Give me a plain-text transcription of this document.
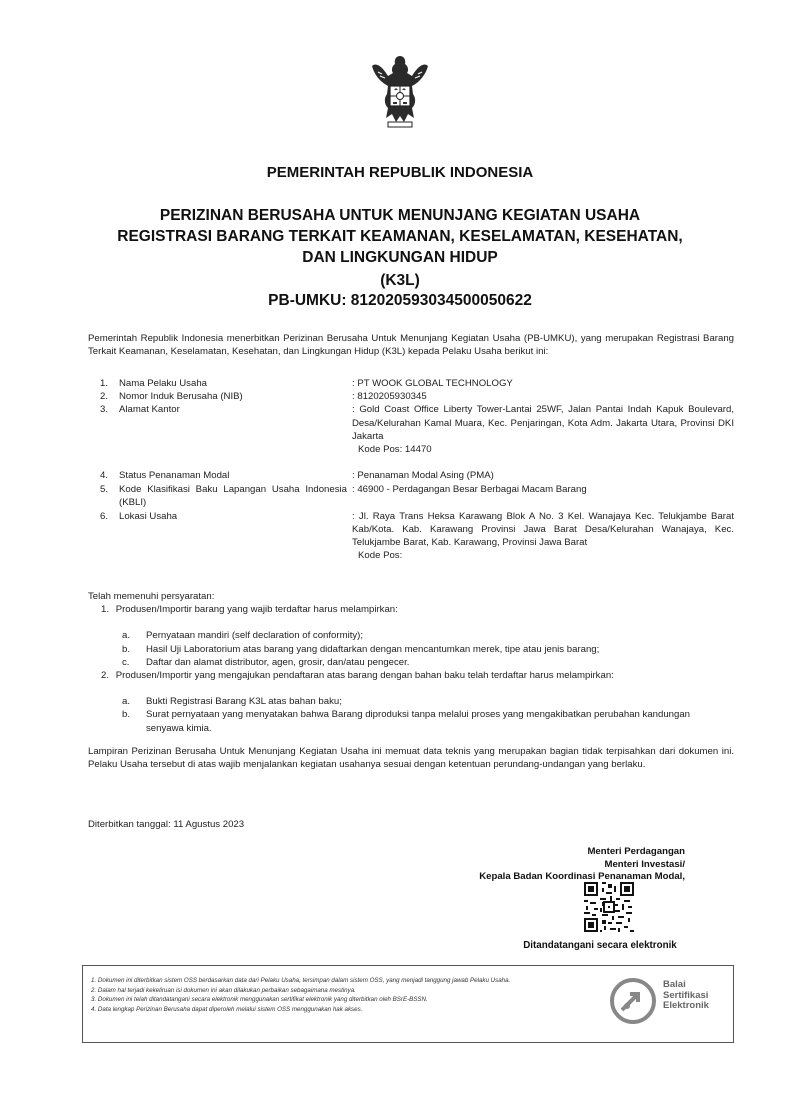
PEMERINTAH REPUBLIK INDONESIA
PERIZINAN BERUSAHA UNTUK MENUNJANG KEGIATAN USAHA
REGISTRASI BARANG TERKAIT KEAMANAN, KESELAMATAN, KESEHATAN,
DAN LINGKUNGAN HIDUP
(K3L)
PB-UMKU: 812020593034500050622
Pemerintah Republik Indonesia menerbitkan Perizinan Berusaha Untuk Menunjang Kegiatan Usaha (PB-UMKU), yang merupakan Registrasi Barang Terkait Keamanan, Keselamatan, Kesehatan, dan Lingkungan Hidup (K3L) kepada Pelaku Usaha berikut ini:
1.	Nama Pelaku Usaha	: PT WOOK GLOBAL TECHNOLOGY
2.	Nomor Induk Berusaha (NIB)	: 8120205930345
3.	Alamat Kantor	: Gold Coast Office Liberty Tower-Lantai 25WF, Jalan Pantai Indah Kapuk Boulevard, Desa/Kelurahan Kamal Muara, Kec. Penjaringan, Kota Adm. Jakarta Utara, Provinsi DKI Jakarta
Kode Pos: 14470
4.	Status Penanaman Modal	: Penanaman Modal Asing (PMA)
5.	Kode Klasifikasi Baku Lapangan Usaha Indonesia (KBLI)
: 46900 - Perdagangan Besar Berbagai Macam Barang
6.	Lokasi Usaha	: Jl. Raya Trans Heksa Karawang Blok A No. 3 Kel. Wanajaya Kec. Telukjambe Barat Kab/Kota. Kab. Karawang Provinsi Jawa Barat Desa/Kelurahan Wanajaya, Kec. Telukjambe Barat, Kab. Karawang, Provinsi Jawa Barat
Kode Pos:
Telah memenuhi persyaratan:
1. Produsen/Importir barang yang wajib terdaftar harus melampirkan:
a. Pernyataan mandiri (self declaration of conformity);
b. Hasil Uji Laboratorium atas barang yang didaftarkan dengan mencantumkan merek, tipe atau jenis barang;
c. Daftar dan alamat distributor, agen, grosir, dan/atau pengecer.
2. Produsen/Importir yang mengajukan pendaftaran atas barang dengan bahan baku telah terdaftar harus melampirkan:
a. Bukti Registrasi Barang K3L atas bahan baku;
b. Surat pernyataan yang menyatakan bahwa Barang diproduksi tanpa melalui proses yang mengakibatkan perubahan kandungan senyawa kimia.
Lampiran Perizinan Berusaha Untuk Menunjang Kegiatan Usaha ini memuat data teknis yang merupakan bagian tidak terpisahkan dari dokumen ini. Pelaku Usaha tersebut di atas wajib menjalankan kegiatan usahanya sesuai dengan ketentuan perundang-undangan yang berlaku.
Diterbitkan tanggal: 11 Agustus 2023
Menteri Perdagangan
Menteri Investasi/
Kepala Badan Koordinasi Penanaman Modal,
Ditandatangani secara elektronik
1. Dokumen ini diterbitkan sistem OSS berdasarkan data dari Pelaku Usaha, tersimpan dalam sistem OSS, yang menjadi tanggung jawab Pelaku Usaha.
2. Dalam hal terjadi kekeliruan isi dokumen ini akan dilakukan perbaikan sebagaimana mestinya.
3. Dokumen ini telah ditandatangani secara elektronik menggunakan sertifikat elektronik yang diterbitkan oleh BSrE-BSSN.
4. Data lengkap Perizinan Berusaha dapat diperoleh melalui sistem OSS menggunakan hak akses.
Balai
Sertifikasi
Elektronik
